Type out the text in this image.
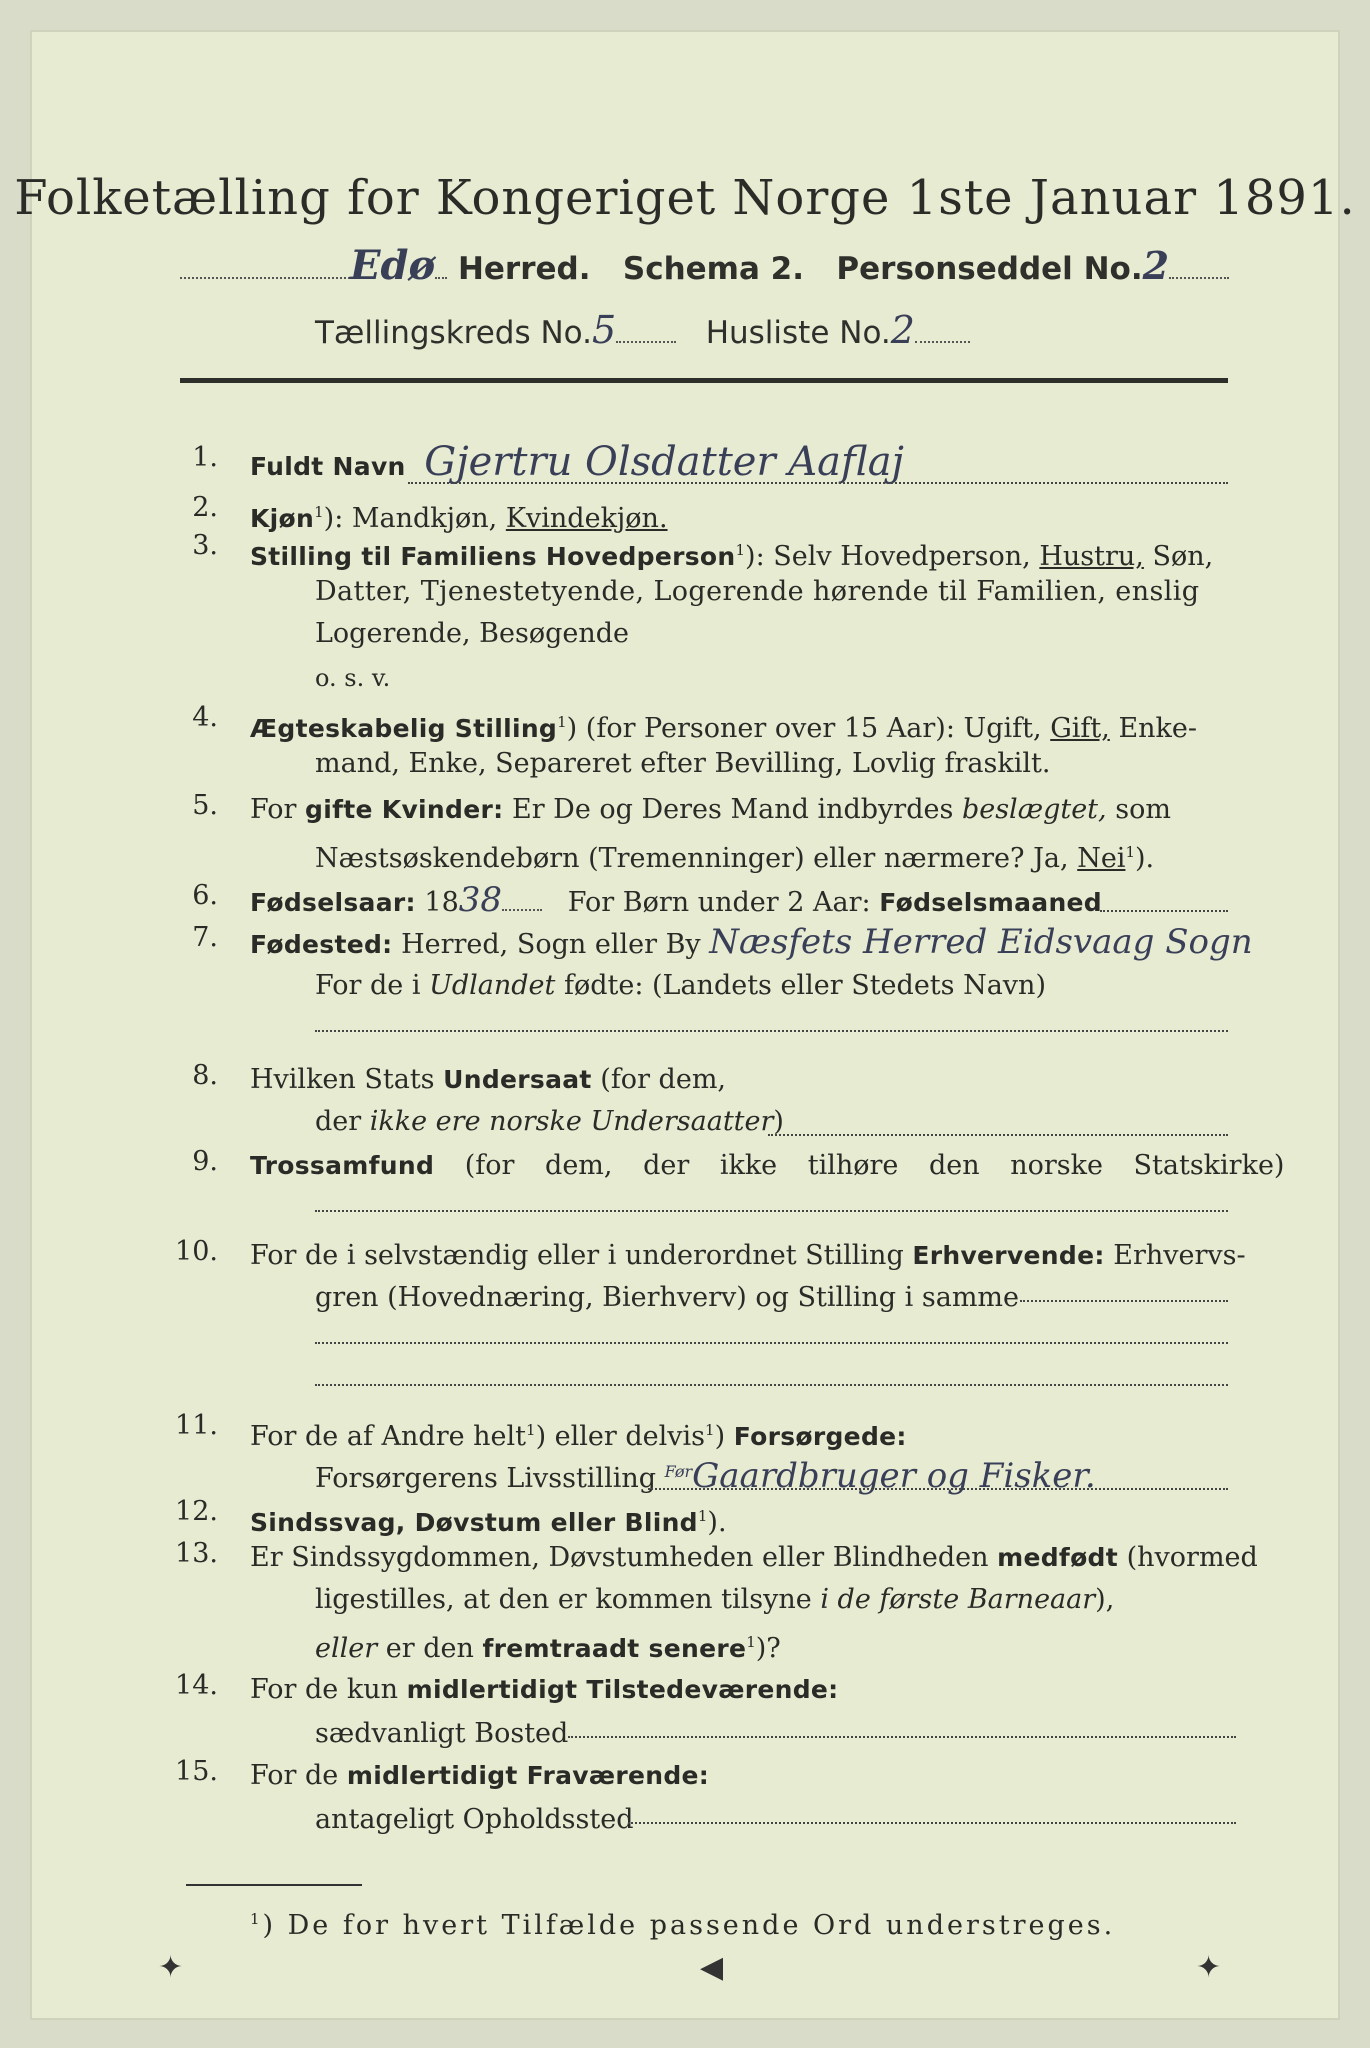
Folketælling for Kongeriget Norge 1ste Januar 1891.
Edø Herred. Schema 2. Personseddel No.2
Tællingskreds No.5	Husliste No.2
1. Fuldt Navn Gjertru Olsdatter Aaflaj
2. Kjøn$^1$): Mandkjøn, Kvindekjøn.
3. Stilling til Familiens Hovedperson$^1$): Selv Hovedperson, Hustru, Søn,
Datter, Tjenestetyende, Logerende hørende til Familien, enslig
Logerende, Besøgende
o. s. v.
4. Ægteskabelig Stilling$^1$) (for Personer over 15 Aar): Ugift, Gift, Enke-
mand, Enke, Separeret efter Bevilling, Lovlig fraskilt.
5. For gifte Kvinder: Er De og Deres Mand indbyrdes beslægtet, som
Næstsøskendebørn (Tremenninger) eller nærmere? Ja, Nei$^1$).
6. Fødselsaar: 1838 For Børn under 2 Aar: Fødselsmaaned
7. Fødested: Herred, Sogn eller By Næsfets Herred Eidsvaag Sogn
For de i Udlandet fødte: (Landets eller Stedets Navn)
8. Hvilken Stats Undersaat (for dem,
der ikke ere norske Undersaatter)
9. Trossamfund (for dem, der ikke tilhøre den norske Statskirke)
10. For de i selvstændig eller i underordnet Stilling Erhvervende: Erhvervs-
gren (Hovednæring, Bierhverv) og Stilling i samme
11. For de af Andre helt$^1$) eller delvis$^1$) Forsørgede:
Forsørgerens Livsstilling $^{Før}$Gaardbruger og Fisker.
12. Sindssvag, Døvstum eller Blind$^1$).
13. Er Sindssygdommen, Døvstumheden eller Blindheden medfødt (hvormed
ligestilles, at den er kommen tilsyne i de første Barneaar),
eller er den fremtraadt senere$^1$)?
14. For de kun midlertidigt Tilstedeværende:
sædvanligt Bosted
15. For de midlertidigt Fraværende:
antageligt Opholdssted
$^1$) De for hvert Tilfælde passende Ord understreges.
✦	◀	✦
